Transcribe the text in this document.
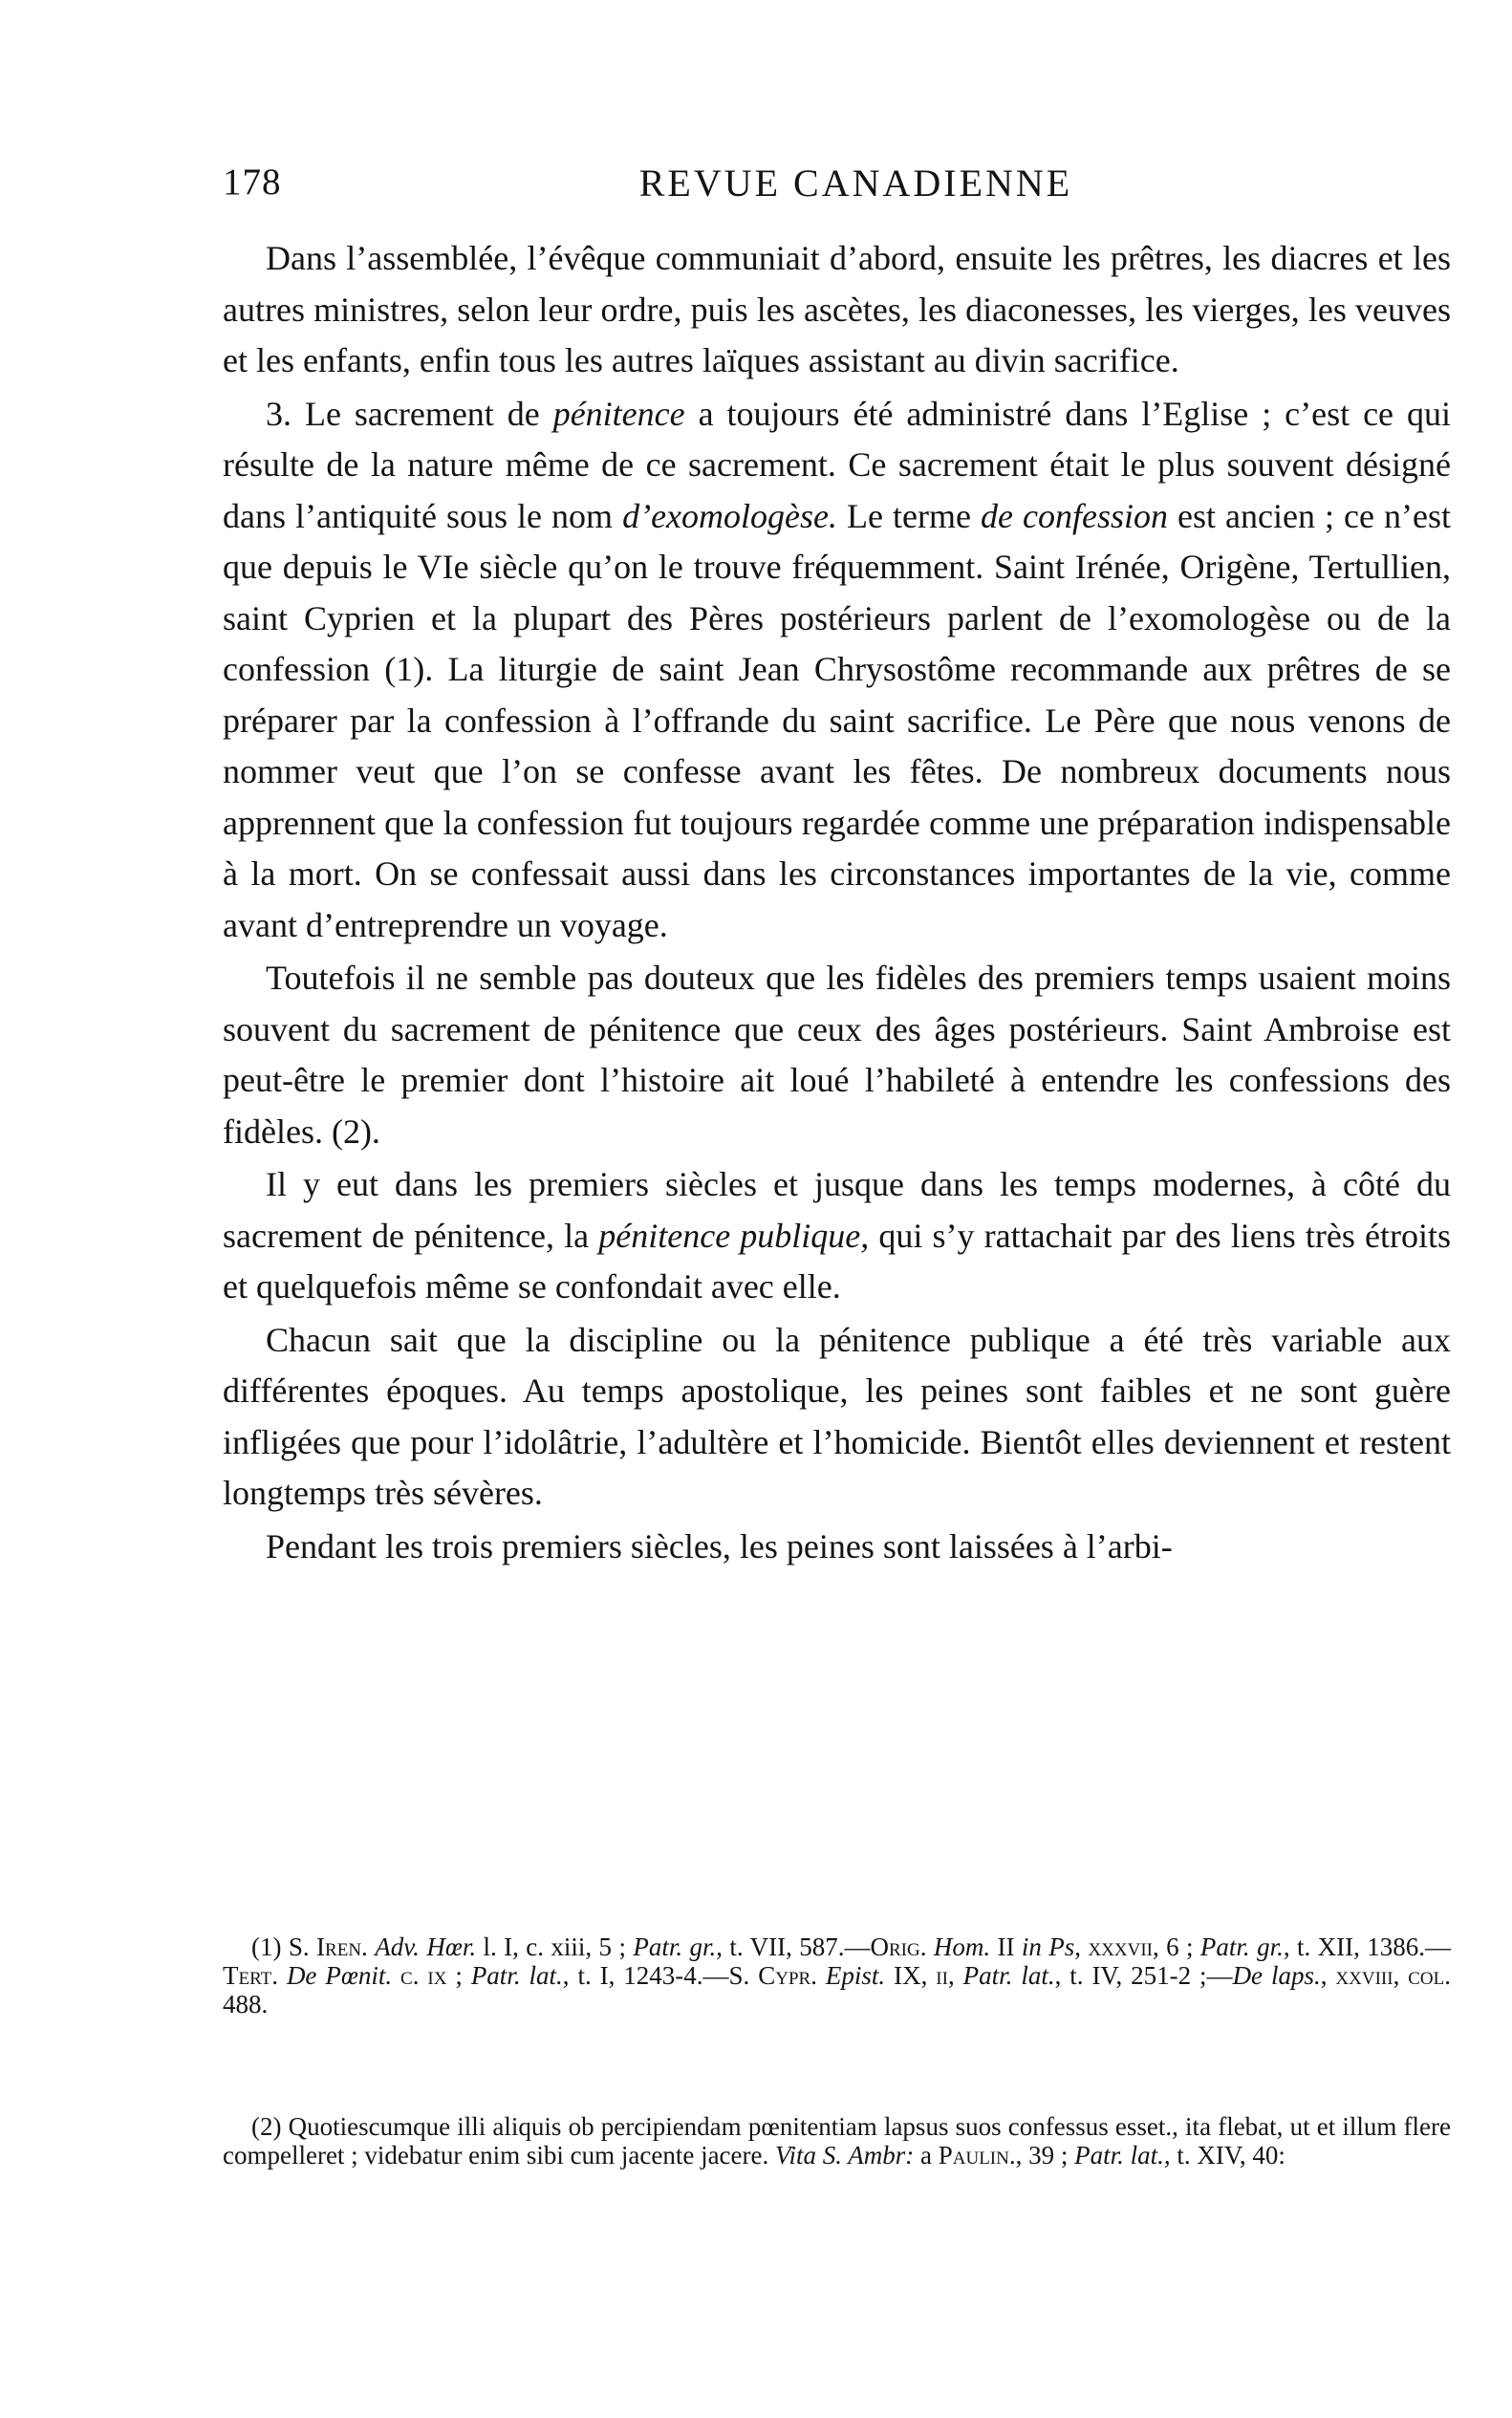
178	REVUE CANADIENNE

Dans l’assemblée, l’évêque communiait d’abord, ensuite les prêtres, les diacres et les autres ministres, selon leur ordre, puis les ascètes, les diaconesses, les vierges, les veuves et les enfants, enfin tous les autres laïques assistant au divin sacrifice.

3. Le sacrement de pénitence a toujours été administré dans l’Eglise ; c’est ce qui résulte de la nature même de ce sacrement. Ce sacrement était le plus souvent désigné dans l’antiquité sous le nom d’exomologèse. Le terme de confession est ancien ; ce n’est que depuis le VIe siècle qu’on le trouve fréquemment. Saint Irénée, Origène, Tertullien, saint Cyprien et la plupart des Pères postérieurs parlent de l’exomologèse ou de la confession (1). La liturgie de saint Jean Chrysostôme recommande aux prêtres de se préparer par la confession à l’offrande du saint sacrifice. Le Père que nous venons de nommer veut que l’on se confesse avant les fêtes. De nombreux documents nous apprennent que la confession fut toujours regardée comme une préparation indispensable à la mort. On se confessait aussi dans les circonstances importantes de la vie, comme avant d’entreprendre un voyage.

Toutefois il ne semble pas douteux que les fidèles des premiers temps usaient moins souvent du sacrement de pénitence que ceux des âges postérieurs. Saint Ambroise est peut-être le premier dont l’histoire ait loué l’habileté à entendre les confessions des fidèles. (2).

Il y eut dans les premiers siècles et jusque dans les temps modernes, à côté du sacrement de pénitence, la pénitence publique, qui s’y rattachait par des liens très étroits et quelquefois même se confondait avec elle.

Chacun sait que la discipline ou la pénitence publique a été très variable aux différentes époques. Au temps apostolique, les peines sont faibles et ne sont guère infligées que pour l’idolâtrie, l’adultère et l’homicide. Bientôt elles deviennent et restent longtemps très sévères.

Pendant les trois premiers siècles, les peines sont laissées à l’arbi-

(1) S. Iren. Adv. Hœr. l. I, c. xiii, 5 ; Patr. gr., t. VII, 587.—Orig. Hom. II in Ps, xxxvii, 6 ; Patr. gr., t. XII, 1386.—Tert. De Pœnit. c. ix ; Patr. lat., t. I, 1243-4.—S. Cypr. Epist. IX, ii, Patr. lat., t. IV, 251-2 ;—De laps., xxviii, col. 488.

(2) Quotiescumque illi aliquis ob percipiendam pœnitentiam lapsus suos confessus esset., ita flebat, ut et illum flere compelleret ; videbatur enim sibi cum jacente jacere. Vita S. Ambr: a Paulin., 39 ; Patr. lat., t. XIV, 40:
